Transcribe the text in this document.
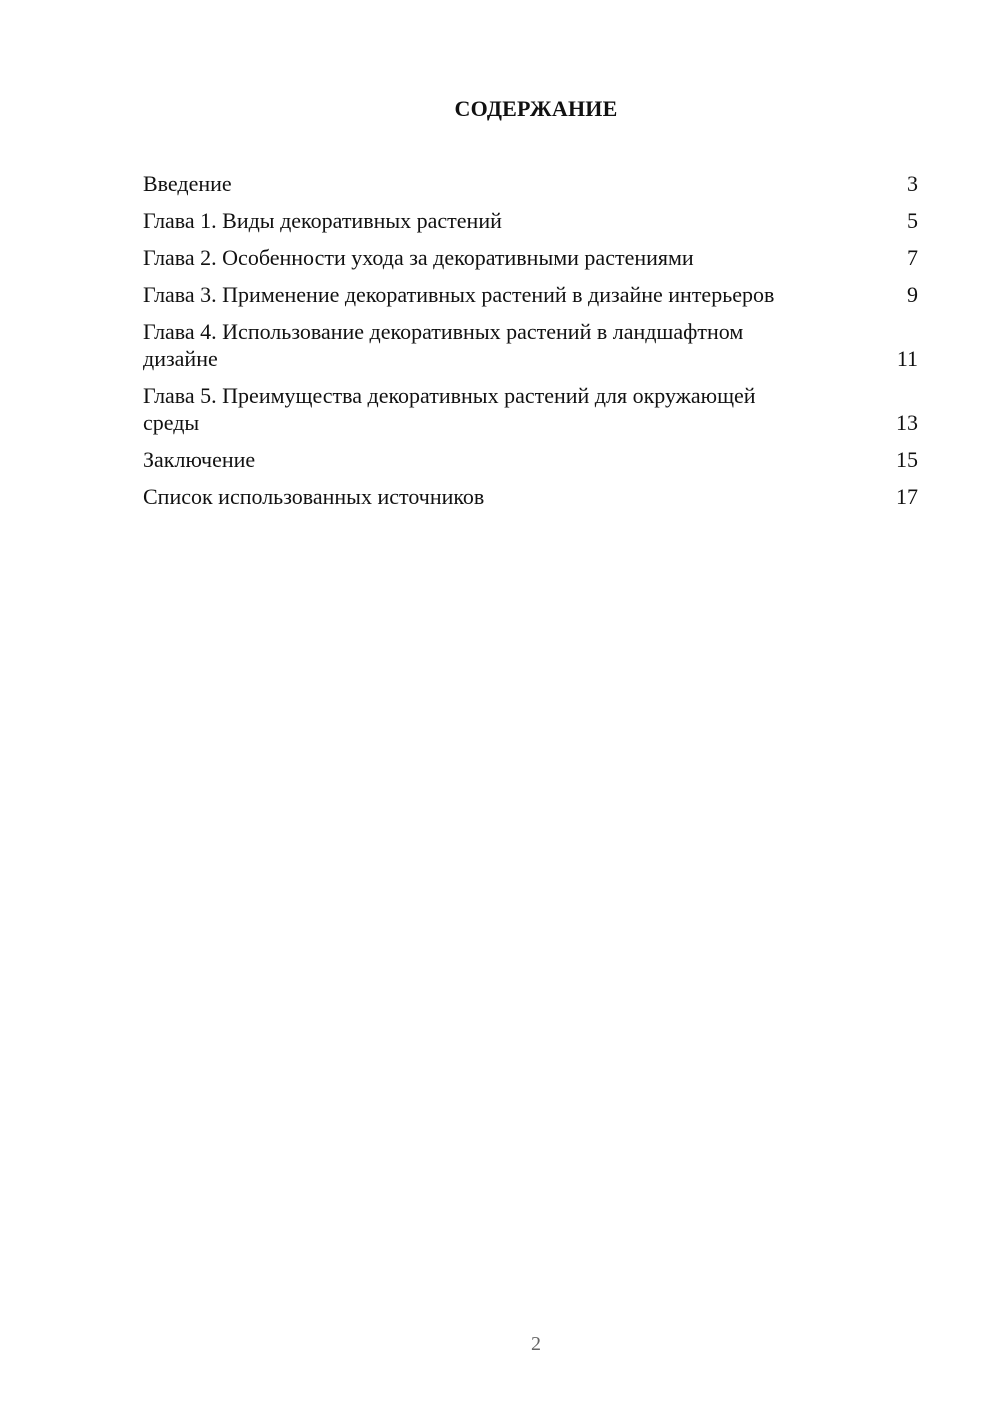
СОДЕРЖАНИЕ
Введение	3
Глава 1. Виды декоративных растений	5
Глава 2. Особенности ухода за декоративными растениями	7
Глава 3. Применение декоративных растений в дизайне интерьеров	9
Глава 4. Использование декоративных растений в ландшафтном дизайне	11
Глава 5. Преимущества декоративных растений для окружающей среды	13
Заключение	15
Список использованных источников	17
2
